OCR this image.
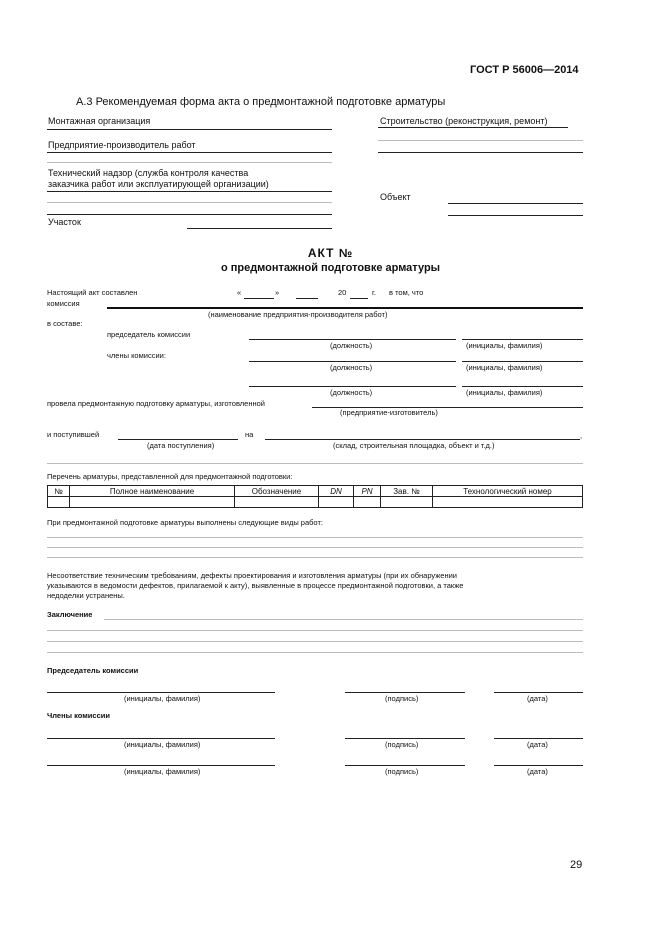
ГОСТ Р 56006—2014
А.3 Рекомендуемая форма акта о предмонтажной подготовке арматуры
Монтажная организация
Предприятие-производитель работ
Технический надзор (служба контроля качества
заказчика работ или эксплуатирующей организации)
Участок
Строительство (реконструкция, ремонт)
Объект
АКТ №
о предмонтажной подготовке арматуры
Настоящий акт составлен
комиссия
«	»	20	г. в том, что
(наименование предприятия-производителя работ)
в составе:
председатель комиссии
(должность)	(инициалы, фамилия)
члены комиссии:
(должность)	(инициалы, фамилия)
(должность)	(инициалы, фамилия)
провела предмонтажную подготовку арматуры, изготовленной
(предприятие-изготовитель)
и поступившей	на	,
(дата поступления)	(склад, строительная площадка, объект и т.д.)
Перечень арматуры, представленной для предмонтажной подготовки:
№	Полное наименование	Обозначение	DN	PN	Зав. №	Технологический номер

При предмонтажной подготовке арматуры выполнены следующие виды работ:
Несоответствие техническим требованиям, дефекты проектирования и изготовления арматуры (при их обнаружении
указываются в ведомости дефектов, прилагаемой к акту), выявленные в процессе предмонтажной подготовки, а также
недоделки устранены.
Заключение
Председатель комиссии
(инициалы, фамилия)	(подпись)	(дата)
Члены комиссии
(инициалы, фамилия)	(подпись)	(дата)
(инициалы, фамилия)	(подпись)	(дата)
29
